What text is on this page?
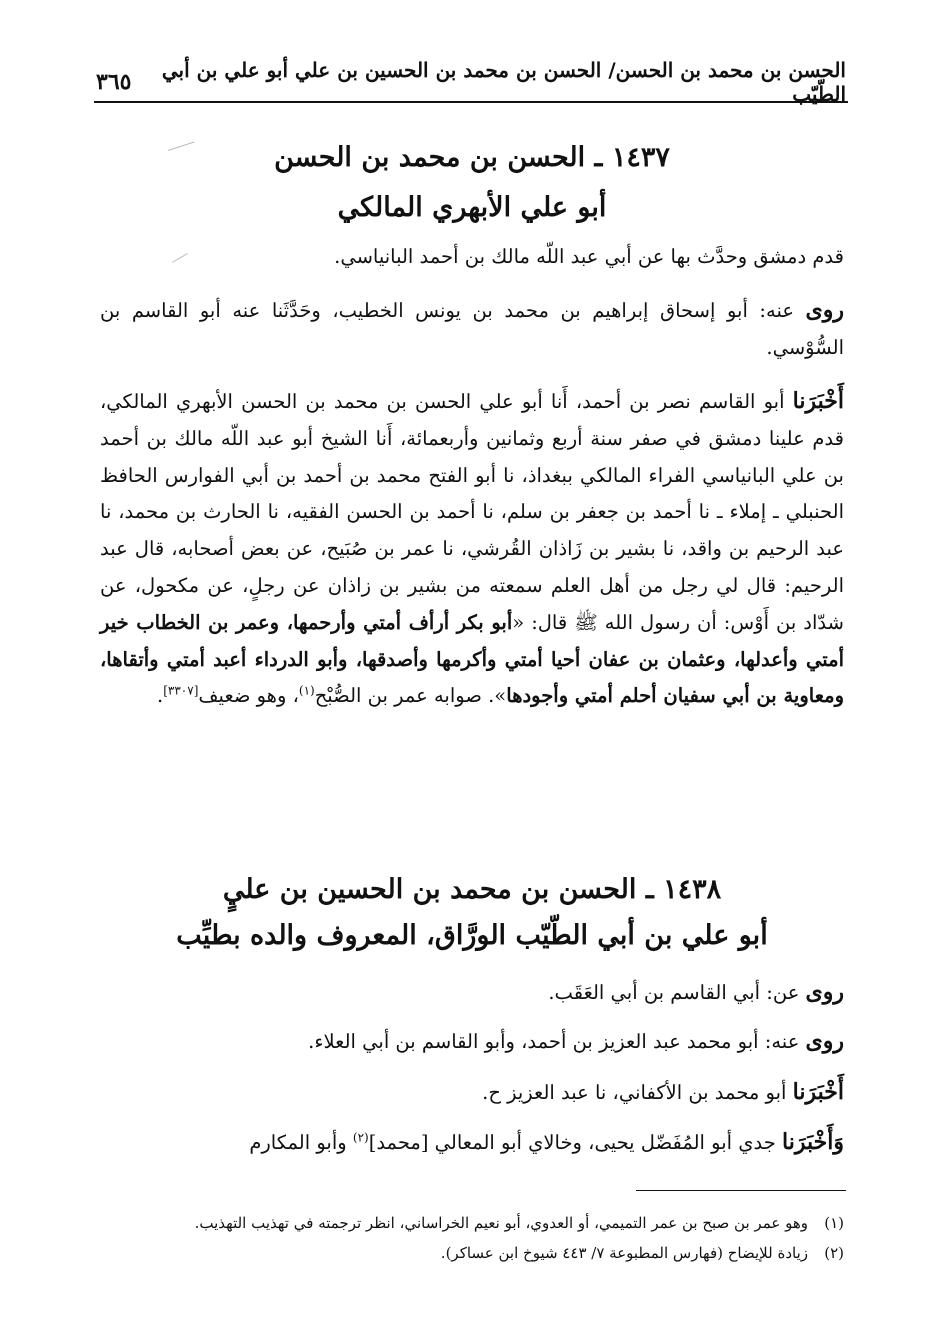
الحسن بن محمد بن الحسن/ الحسن بن محمد بن الحسين بن علي أبو علي بن أبي الطّيّب
٣٦٥
١٤٣٧ ـ الحسن بن محمد بن الحسن
أبو علي الأبهري المالكي

قدم دمشق وحدَّث بها عن أبي عبد اللّه مالك بن أحمد البانياسي.

روى عنه: أبو إسحاق إبراهيم بن محمد بن يونس الخطيب، وحَدَّثَنا عنه أبو القاسم بن السُّوْسي.

أَخْبَرَنا أبو القاسم نصر بن أحمد، أَنا أبو علي الحسن بن محمد بن الحسن الأبهري المالكي، قدم علينا دمشق في صفر سنة أربع وثمانين وأربعمائة، أَنا الشيخ أبو عبد اللّه مالك بن أحمد بن علي البانياسي الفراء المالكي ببغداذ، نا أبو الفتح محمد بن أحمد بن أبي الفوارس الحافظ الحنبلي ـ إملاء ـ نا أحمد بن جعفر بن سلم، نا أحمد بن الحسن الفقيه، نا الحارث بن محمد، نا عبد الرحيم بن واقد، نا بشير بن زَاذان القُرشي، نا عمر بن صُبَيح، عن بعض أصحابه، قال عبد الرحيم: قال لي رجل من أهل العلم سمعته من بشير بن زاذان عن رجلٍ، عن مكحول، عن شدّاد بن أَوْس: أن رسول الله ﷺ قال: «أبو بكر أرأف أمتي وأرحمها، وعمر بن الخطاب خير أمتي وأعدلها، وعثمان بن عفان أحيا أمتي وأكرمها وأصدقها، وأبو الدرداء أعبد أمتي وأتقاها، ومعاوية بن أبي سفيان أحلم أمتي وأجودها». صوابه عمر بن الصُّبْح$^{(١)}$، وهو ضعيف[٣٣٠٧].

١٤٣٨ ـ الحسن بن محمد بن الحسين بن عليٍ
أبو علي بن أبي الطّيّب الورَّاق، المعروف والده بطيِّب

روى عن: أبي القاسم بن أبي العَقَب.

روى عنه: أبو محمد عبد العزيز بن أحمد، وأبو القاسم بن أبي العلاء.

أَخْبَرَنا أبو محمد بن الأكفاني، نا عبد العزيز ح.

وَأَخْبَرَنا جدي أبو المُفَضّل يحيى، وخالاي أبو المعالي [محمد]$^{(٢)}$ وأبو المكارم

(١)وهو عمر بن صبح بن عمر التميمي، أو العدوي، أبو نعيم الخراساني، انظر ترجمته في تهذيب التهذيب.
(٢)زيادة للإيضاح (فهارس المطبوعة ٧/ ٤٤٣ شيوخ ابن عساكر).
